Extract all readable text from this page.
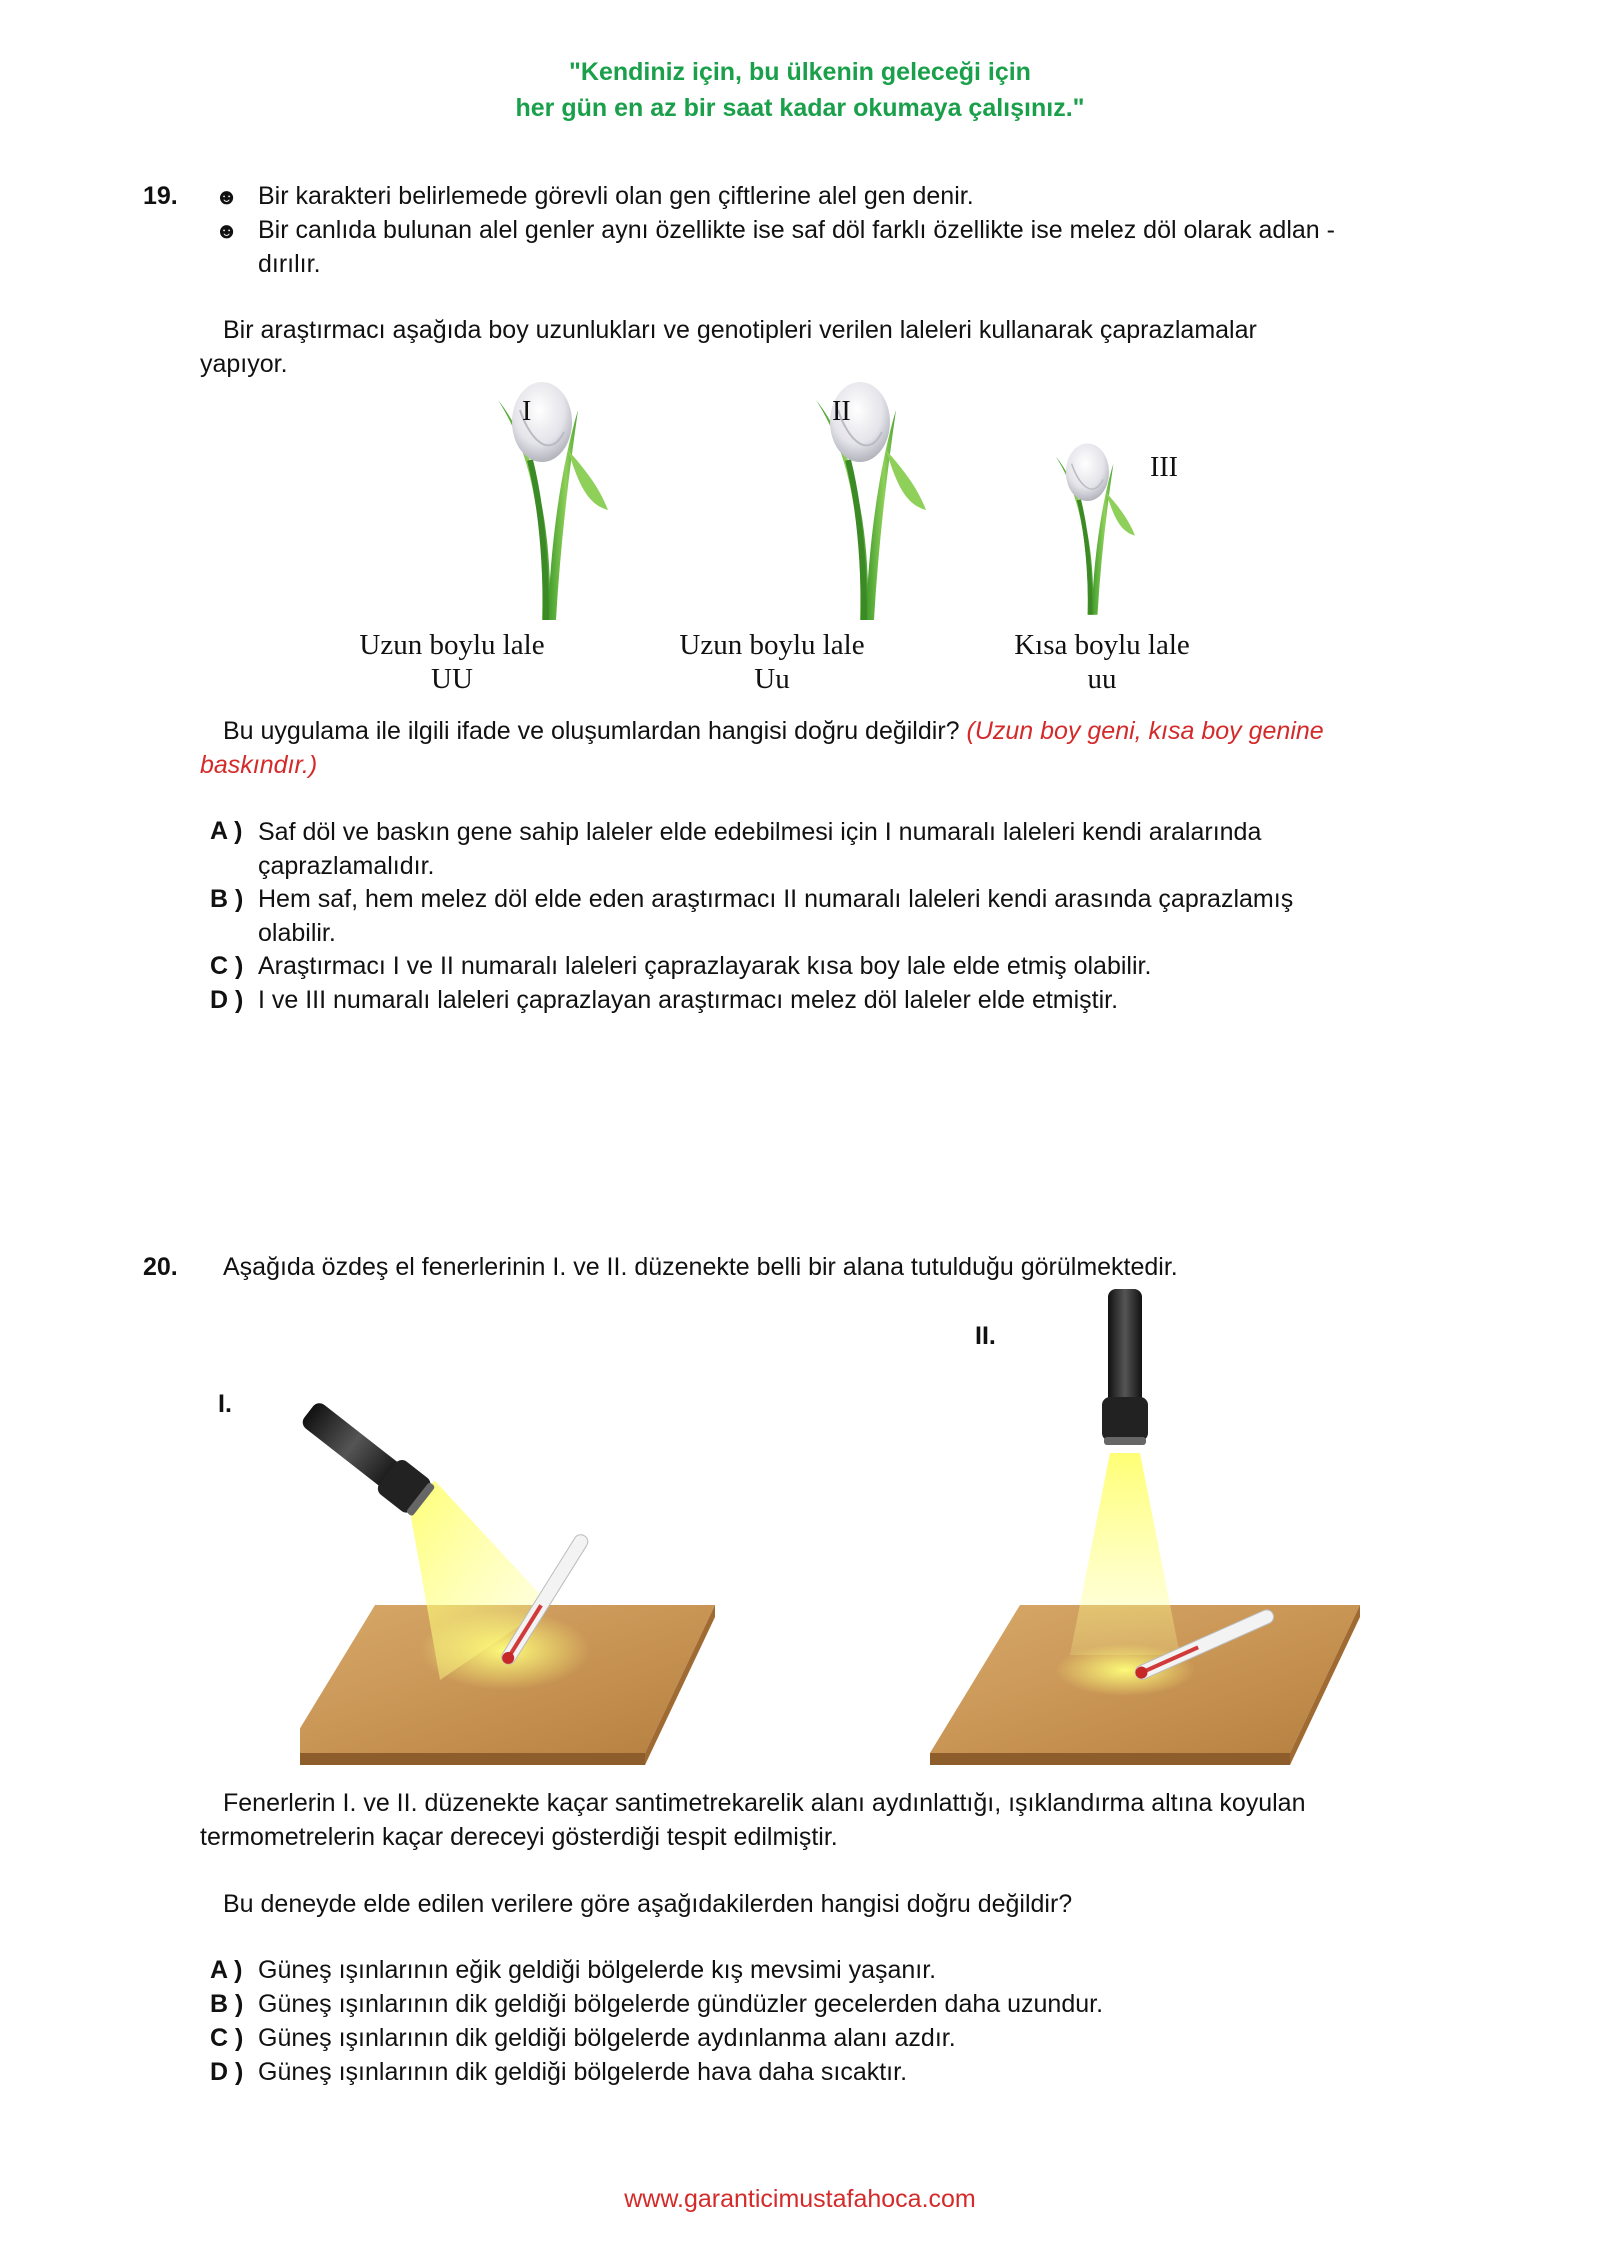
"Kendiniz için, bu ülkenin geleceği için
her gün en az bir saat kadar okumaya çalışınız."
19. ☻ Bir karakteri belirlemede görevli olan gen çiftlerine alel gen denir.
☻ Bir canlıda bulunan alel genler aynı özellikte ise saf döl farklı özellikte ise melez döl olarak adlan -
dırılır.
Bir araştırmacı aşağıda boy uzunlukları ve genotipleri verilen laleleri kullanarak çaprazlamalar
yapıyor.
I	II
III
Uzun boylu lale
UU
Uzun boylu lale
Uu
Kısa boylu lale
uu
Bu uygulama ile ilgili ifade ve oluşumlardan hangisi doğru değildir? (Uzun boy geni, kısa boy genine
baskındır.)
A ) Saf döl ve baskın gene sahip laleler elde edebilmesi için I numaralı laleleri kendi aralarında
çaprazlamalıdır.
B ) Hem saf, hem melez döl elde eden araştırmacı II numaralı laleleri kendi arasında çaprazlamış
olabilir.
C ) Araştırmacı I ve II numaralı laleleri çaprazlayarak kısa boy lale elde etmiş olabilir.
D ) I ve III numaralı laleleri çaprazlayan araştırmacı melez döl laleler elde etmiştir.
20. Aşağıda özdeş el fenerlerinin I. ve II. düzenekte belli bir alana tutulduğu görülmektedir.
I.
II.
Fenerlerin I. ve II. düzenekte kaçar santimetrekarelik alanı aydınlattığı, ışıklandırma altına koyulan
termometrelerin kaçar dereceyi gösterdiği tespit edilmiştir.
Bu deneyde elde edilen verilere göre aşağıdakilerden hangisi doğru değildir?
A ) Güneş ışınlarının eğik geldiği bölgelerde kış mevsimi yaşanır.
B ) Güneş ışınlarının dik geldiği bölgelerde gündüzler gecelerden daha uzundur.
C ) Güneş ışınlarının dik geldiği bölgelerde aydınlanma alanı azdır.
D ) Güneş ışınlarının dik geldiği bölgelerde hava daha sıcaktır.
www.garanticimustafahoca.com
